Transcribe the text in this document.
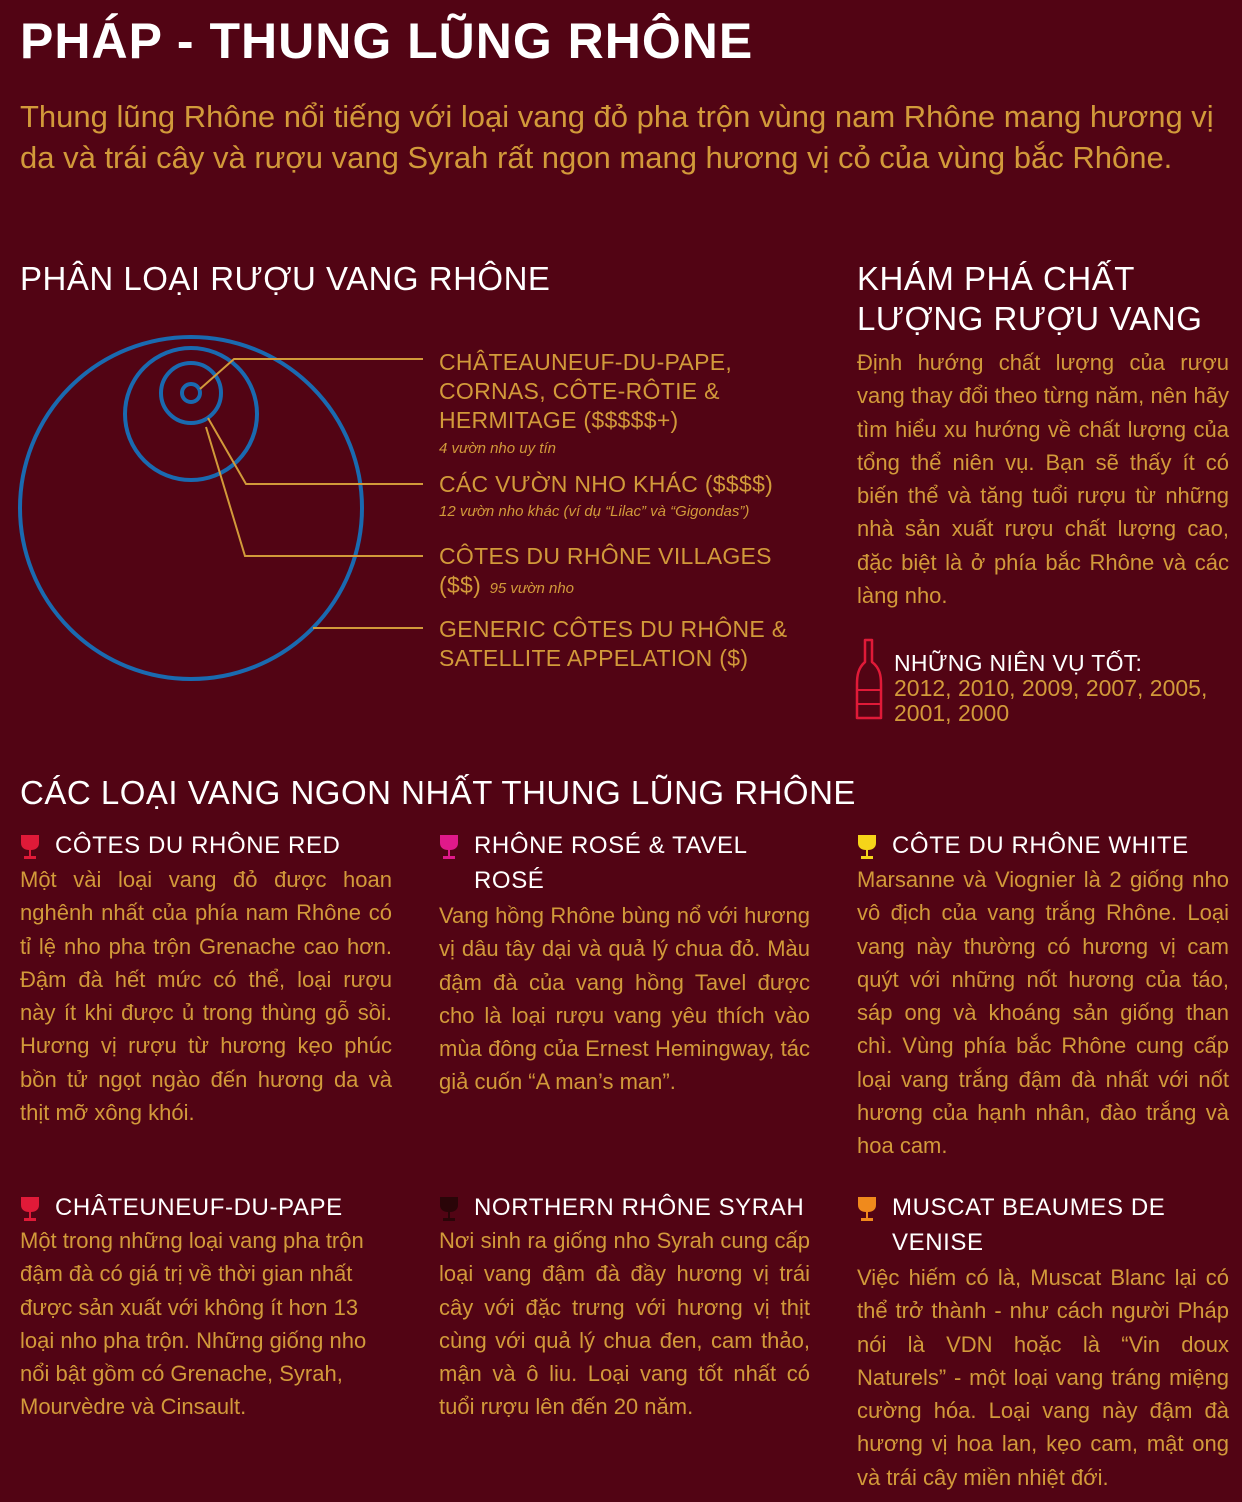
PHÁP - THUNG LŨNG RHÔNE
Thung lũng Rhône nổi tiếng với loại vang đỏ pha trộn vùng nam Rhône mang hương vị da và trái cây và rượu vang Syrah rất ngon mang hương vị cỏ của vùng bắc Rhône.
PHÂN LOẠI RƯỢU VANG RHÔNE
CHÂTEAUNEUF-DU-PAPE, CORNAS, CÔTE-RÔTIE & HERMITAGE ($$$$$+)
4 vườn nho uy tín
CÁC VƯỜN NHO KHÁC ($$$$)
12 vườn nho khác (ví dụ “Lilac” và “Gigondas”)
CÔTES DU RHÔNE VILLAGES ($$) 95 vườn nho
GENERIC CÔTES DU RHÔNE & SATELLITE APPELATION ($)
KHÁM PHÁ CHẤT LƯỢNG RƯỢU VANG
Định hướng chất lượng của rượu vang thay đổi theo từng năm, nên hãy tìm hiểu xu hướng về chất lượng của tổng thể niên vụ. Bạn sẽ thấy ít có biến thể và tăng tuổi rượu từ những nhà sản xuất rượu chất lượng cao, đặc biệt là ở phía bắc Rhône và các làng nho.
NHỮNG NIÊN VỤ TỐT:
2012, 2010, 2009, 2007, 2005, 2001, 2000
CÁC LOẠI VANG NGON NHẤT THUNG LŨNG RHÔNE
CÔTES DU RHÔNE RED
Một vài loại vang đỏ được hoan nghênh nhất của phía nam Rhône có tỉ lệ nho pha trộn Grenache cao hơn. Đậm đà hết mức có thể, loại rượu này ít khi được ủ trong thùng gỗ sồi. Hương vị rượu từ hương kẹo phúc bồn tử ngọt ngào đến hương da và thịt mỡ xông khói.
RHÔNE ROSÉ & TAVEL ROSÉ
Vang hồng Rhône bùng nổ với hương vị dâu tây dại và quả lý chua đỏ. Màu đậm đà của vang hồng Tavel được cho là loại rượu vang yêu thích vào mùa đông của Ernest Hemingway, tác giả cuốn “A man’s man”.
CÔTE DU RHÔNE WHITE
Marsanne và Viognier là 2 giống nho vô địch của vang trắng Rhône. Loại vang này thường có hương vị cam quýt với những nốt hương của táo, sáp ong và khoáng sản giống than chì. Vùng phía bắc Rhône cung cấp loại vang trắng đậm đà nhất với nốt hương của hạnh nhân, đào trắng và hoa cam.
CHÂTEUNEUF-DU-PAPE
Một trong những loại vang pha trộn đậm đà có giá trị về thời gian nhất được sản xuất với không ít hơn 13 loại nho pha trộn. Những giống nho nổi bật gồm có Grenache, Syrah, Mourvèdre và Cinsault.
NORTHERN RHÔNE SYRAH
Nơi sinh ra giống nho Syrah cung cấp loại vang đậm đà đầy hương vị trái cây với đặc trưng với hương vị thịt cùng với quả lý chua đen, cam thảo, mận và ô liu. Loại vang tốt nhất có tuổi rượu lên đến 20 năm.
MUSCAT BEAUMES DE VENISE
Việc hiếm có là, Muscat Blanc lại có thể trở thành - như cách người Pháp nói là VDN hoặc là “Vin doux Naturels” - một loại vang tráng miệng cường hóa. Loại vang này đậm đà hương vị hoa lan, kẹo cam, mật ong và trái cây miền nhiệt đới.
